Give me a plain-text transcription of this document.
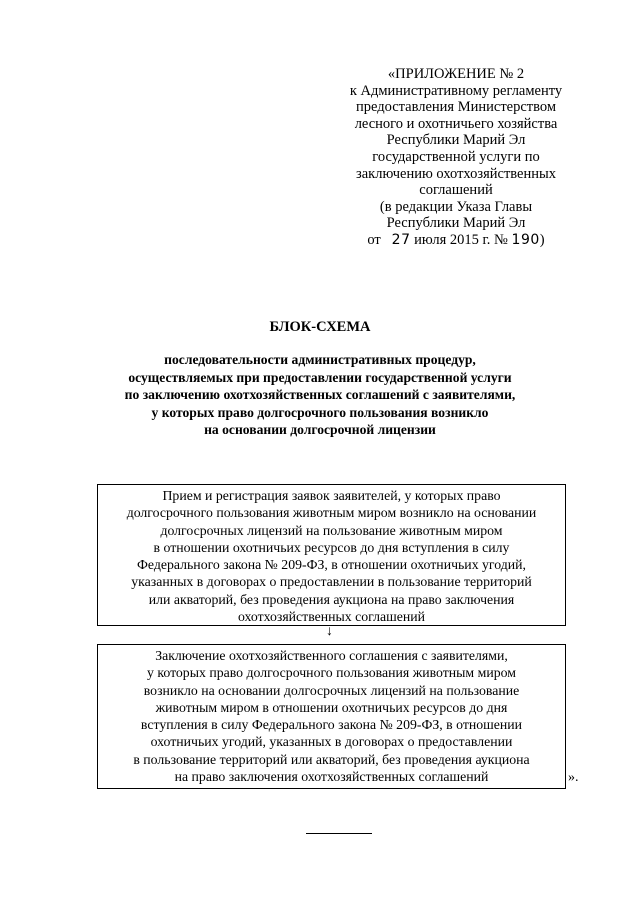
«ПРИЛОЖЕНИЕ № 2
к Административному регламенту
предоставления Министерством
лесного и охотничьего хозяйства
Республики Марий Эл
государственной услуги по
заключению охотхозяйственных
соглашений
(в редакции Указа Главы
Республики Марий Эл
от 27 июля 2015 г. № 190)
БЛОК-СХЕМА
последовательности административных процедур,
осуществляемых при предоставлении государственной услуги
по заключению охотхозяйственных соглашений с заявителями,
у которых право долгосрочного пользования возникло
на основании долгосрочной лицензии
Прием и регистрация заявок заявителей, у которых право
долгосрочного пользования животным миром возникло на основании
долгосрочных лицензий на пользование животным миром
в отношении охотничьих ресурсов до дня вступления в силу
Федерального закона № 209-ФЗ, в отношении охотничьих угодий,
указанных в договорах о предоставлении в пользование территорий
или акваторий, без проведения аукциона на право заключения
охотхозяйственных соглашений
↓
Заключение охотхозяйственного соглашения с заявителями,
у которых право долгосрочного пользования животным миром
возникло на основании долгосрочных лицензий на пользование
животным миром в отношении охотничьих ресурсов до дня
вступления в силу Федерального закона № 209-ФЗ, в отношении
охотничьих угодий, указанных в договорах о предоставлении
в пользование территорий или акваторий, без проведения аукциона
на право заключения охотхозяйственных соглашений	».
